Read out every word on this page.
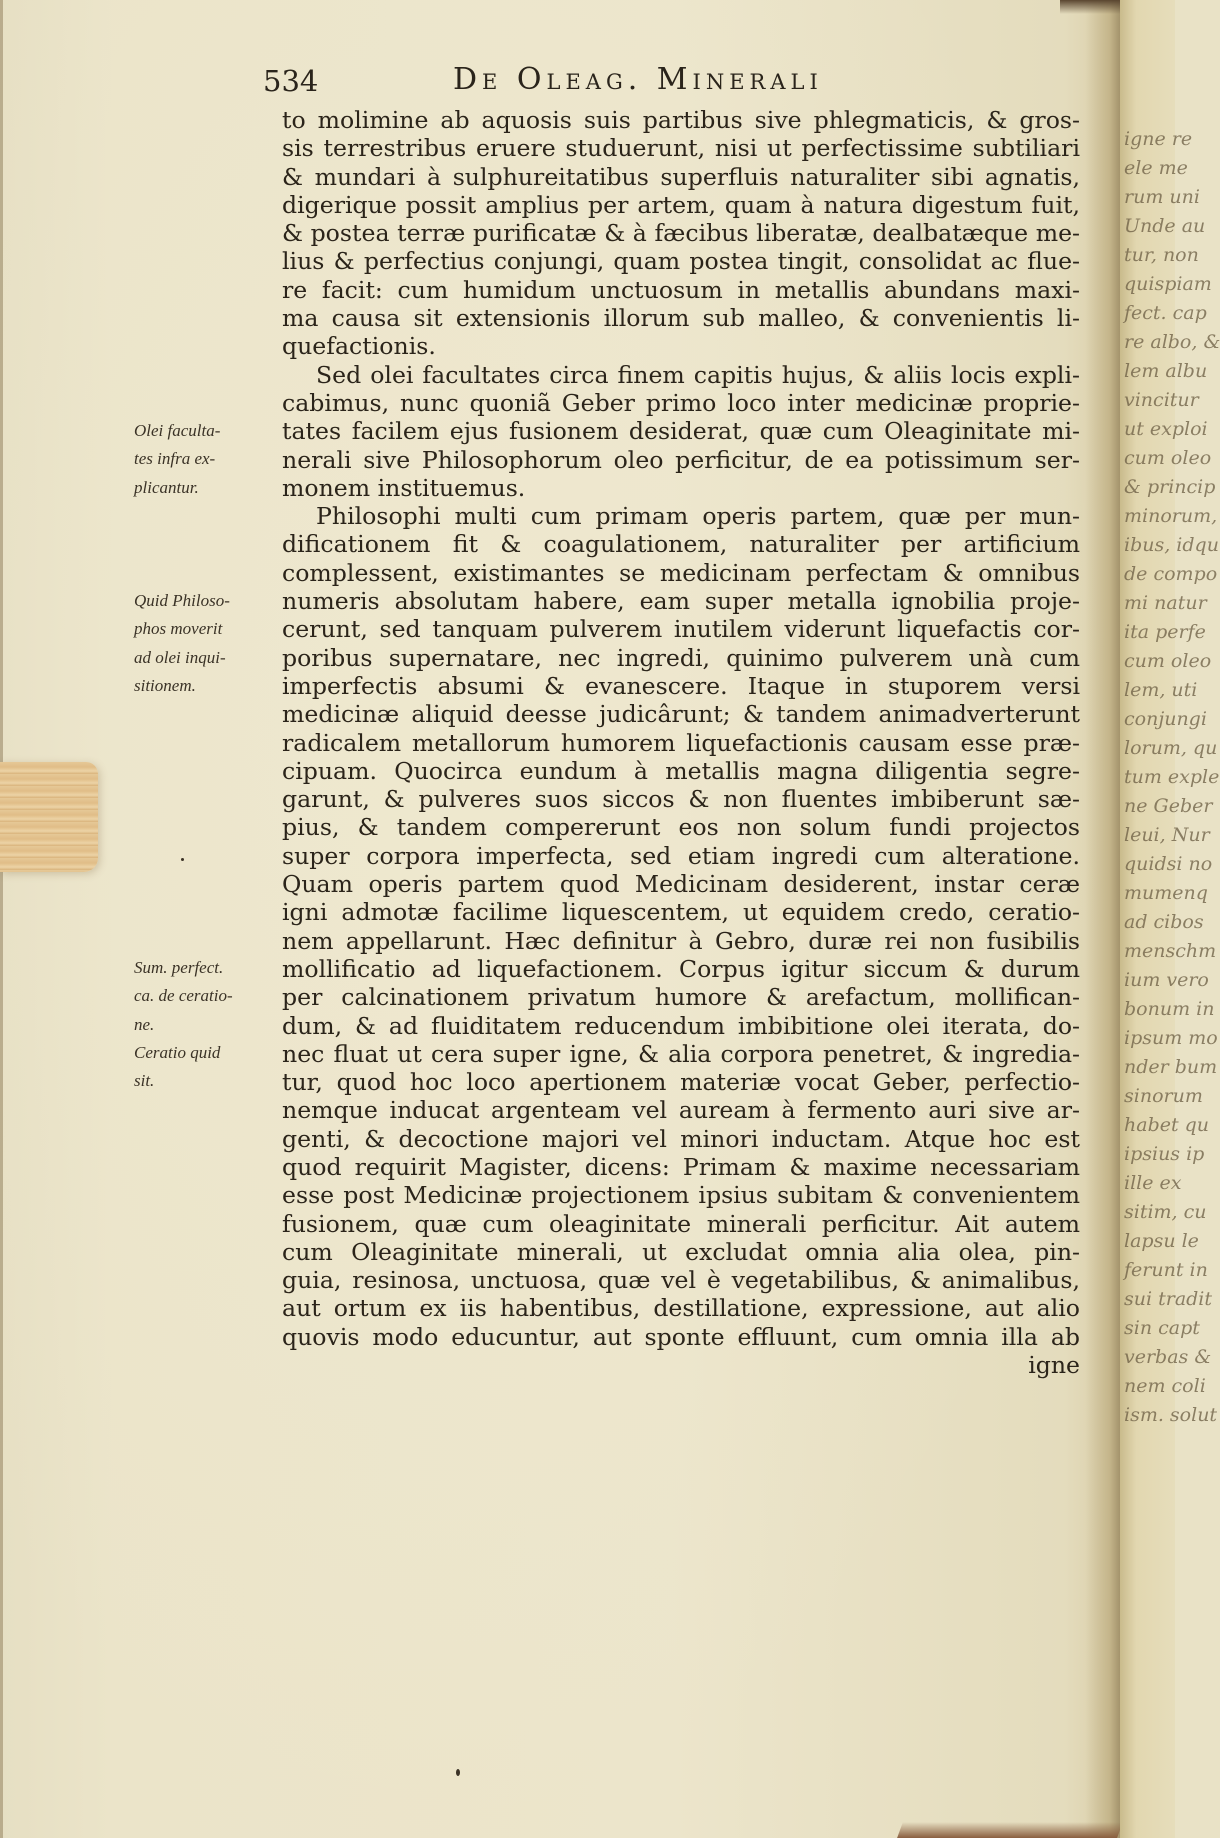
534	De Oleag. Minerali
to molimine ab aquosis suis partibus sive phlegmaticis, & gros-
sis terrestribus eruere studuerunt, nisi ut perfectissime subtiliari
& mundari à sulphureitatibus superfluis naturaliter sibi agnatis,
digerique possit amplius per artem, quam à natura digestum fuit,
& postea terræ purificatæ & à fæcibus liberatæ, dealbatæque me-
lius & perfectius conjungi, quam postea tingit, consolidat ac flue-
re facit: cum humidum unctuosum in metallis abundans maxi-
ma causa sit extensionis illorum sub malleo, & convenientis li-
quefactionis.
Sed olei facultates circa finem capitis hujus, & aliis locis expli-
cabimus, nunc quoniã Geber primo loco inter medicinæ proprie-
tates facilem ejus fusionem desiderat, quæ cum Oleaginitate mi-
nerali sive Philosophorum oleo perficitur, de ea potissimum ser-
monem instituemus.
Philosophi multi cum primam operis partem, quæ per mun-
dificationem fit & coagulationem, naturaliter per artificium
complessent, existimantes se medicinam perfectam & omnibus
numeris absolutam habere, eam super metalla ignobilia proje-
cerunt, sed tanquam pulverem inutilem viderunt liquefactis cor-
poribus supernatare, nec ingredi, quinimo pulverem unà cum
imperfectis absumi & evanescere. Itaque in stuporem versi
medicinæ aliquid deesse judicârunt; & tandem animadverterunt
radicalem metallorum humorem liquefactionis causam esse præ-
cipuam. Quocirca eundum à metallis magna diligentia segre-
garunt, & pulveres suos siccos & non fluentes imbiberunt sæ-
pius, & tandem compererunt eos non solum fundi projectos
super corpora imperfecta, sed etiam ingredi cum alteratione.
Quam operis partem quod Medicinam desiderent, instar ceræ
igni admotæ facilime liquescentem, ut equidem credo, ceratio-
nem appellarunt. Hæc definitur à Gebro, duræ rei non fusibilis
mollificatio ad liquefactionem. Corpus igitur siccum & durum
per calcinationem privatum humore & arefactum, mollifican-
dum, & ad fluiditatem reducendum imbibitione olei iterata, do-
nec fluat ut cera super igne, & alia corpora penetret, & ingredia-
tur, quod hoc loco apertionem materiæ vocat Geber, perfectio-
nemque inducat argenteam vel auream à fermento auri sive ar-
genti, & decoctione majori vel minori inductam. Atque hoc est
quod requirit Magister, dicens: Primam & maxime necessariam
esse post Medicinæ projectionem ipsius subitam & convenientem
fusionem, quæ cum oleaginitate minerali perficitur. Ait autem
cum Oleaginitate minerali, ut excludat omnia alia olea, pin-
guia, resinosa, unctuosa, quæ vel è vegetabilibus, & animalibus,
aut ortum ex iis habentibus, destillatione, expressione, aut alio
quovis modo educuntur, aut sponte effluunt, cum omnia illa ab
igne
Olei faculta-
tes infra ex-
plicantur.
Quid Philoso-
phos moverit
ad olei inqui-
sitionem.
Sum. perfect.
ca. de ceratio-
ne.
Ceratio quid
sit.
igne re
ele me
rum uni
Unde au
tur, non
quispiam
fect. cap
re albo, &
lem albu
vincitur
ut exploi
cum oleo
& princip
minorum,
ibus, idqu
de compo
mi natur
ita perfe
cum oleo
lem, uti
conjungi
lorum, qu
tum exple
ne Geber
leui, Nur
quidsi no
mumenq
ad cibos
menschm
ium vero
bonum in
ipsum mo
nder bum
sinorum
habet qu
ipsius ip
ille ex
sitim, cu
lapsu le
ferunt in
sui tradit
sin capt
verbas &
nem coli
ism. solut
